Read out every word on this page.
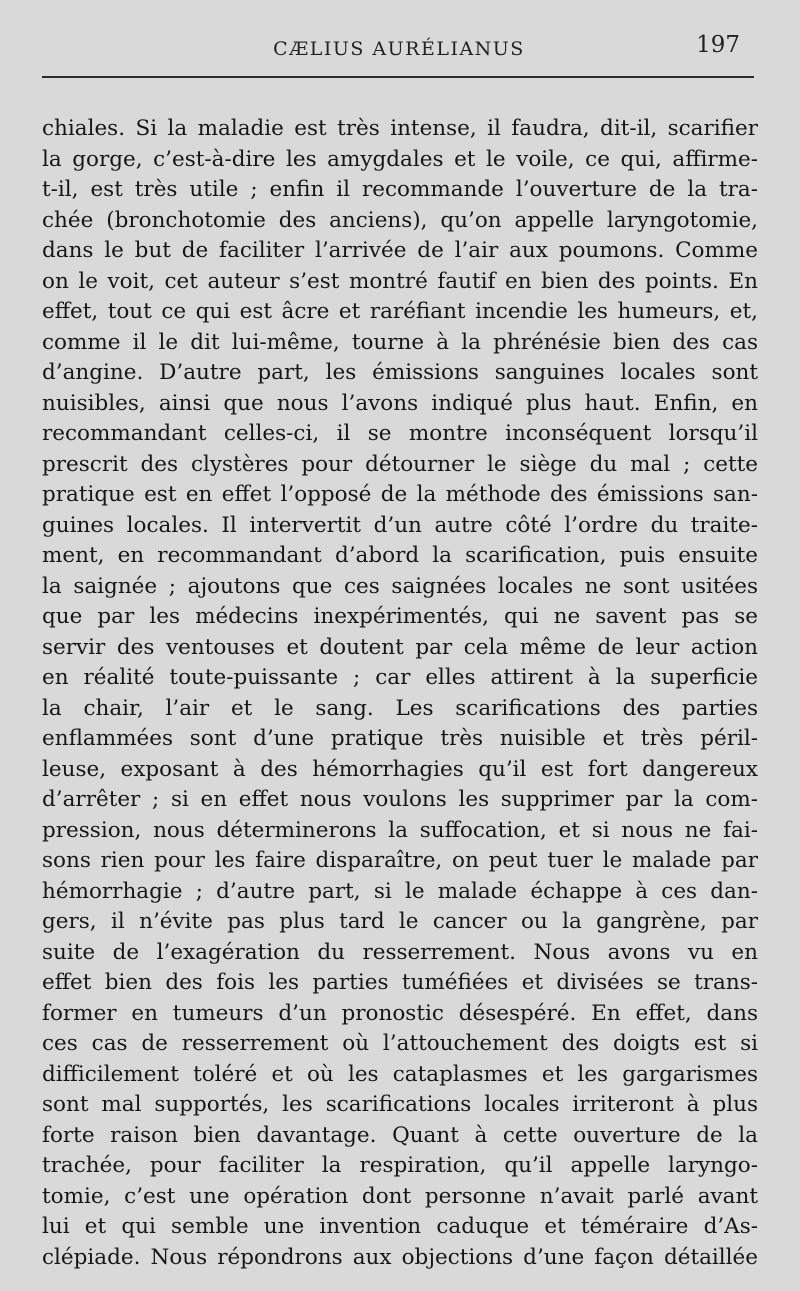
CÆLIUS AURÉLIANUS	197
chiales. Si la maladie est très intense, il faudra, dit-il, scarifier
la gorge, c’est-à-dire les amygdales et le voile, ce qui, affirme-
t-il, est très utile ; enfin il recommande l’ouverture de la tra-
chée (bronchotomie des anciens), qu’on appelle laryngotomie,
dans le but de faciliter l’arrivée de l’air aux poumons. Comme
on le voit, cet auteur s’est montré fautif en bien des points. En
effet, tout ce qui est âcre et raréfiant incendie les humeurs, et,
comme il le dit lui-même, tourne à la phrénésie bien des cas
d’angine. D’autre part, les émissions sanguines locales sont
nuisibles, ainsi que nous l’avons indiqué plus haut. Enfin, en
recommandant celles-ci, il se montre inconséquent lorsqu’il
prescrit des clystères pour détourner le siège du mal ; cette
pratique est en effet l’opposé de la méthode des émissions san-
guines locales. Il intervertit d’un autre côté l’ordre du traite-
ment, en recommandant d’abord la scarification, puis ensuite
la saignée ; ajoutons que ces saignées locales ne sont usitées
que par les médecins inexpérimentés, qui ne savent pas se
servir des ventouses et doutent par cela même de leur action
en réalité toute-puissante ; car elles attirent à la superficie
la chair, l’air et le sang. Les scarifications des parties
enflammées sont d’une pratique très nuisible et très péril-
leuse, exposant à des hémorrhagies qu’il est fort dangereux
d’arrêter ; si en effet nous voulons les supprimer par la com-
pression, nous déterminerons la suffocation, et si nous ne fai-
sons rien pour les faire disparaître, on peut tuer le malade par
hémorrhagie ; d’autre part, si le malade échappe à ces dan-
gers, il n’évite pas plus tard le cancer ou la gangrène, par
suite de l’exagération du resserrement. Nous avons vu en
effet bien des fois les parties tuméfiées et divisées se trans-
former en tumeurs d’un pronostic désespéré. En effet, dans
ces cas de resserrement où l’attouchement des doigts est si
difficilement toléré et où les cataplasmes et les gargarismes
sont mal supportés, les scarifications locales irriteront à plus
forte raison bien davantage. Quant à cette ouverture de la
trachée, pour faciliter la respiration, qu’il appelle laryngo-
tomie, c’est une opération dont personne n’avait parlé avant
lui et qui semble une invention caduque et téméraire d’As-
clépiade. Nous répondrons aux objections d’une façon détaillée
